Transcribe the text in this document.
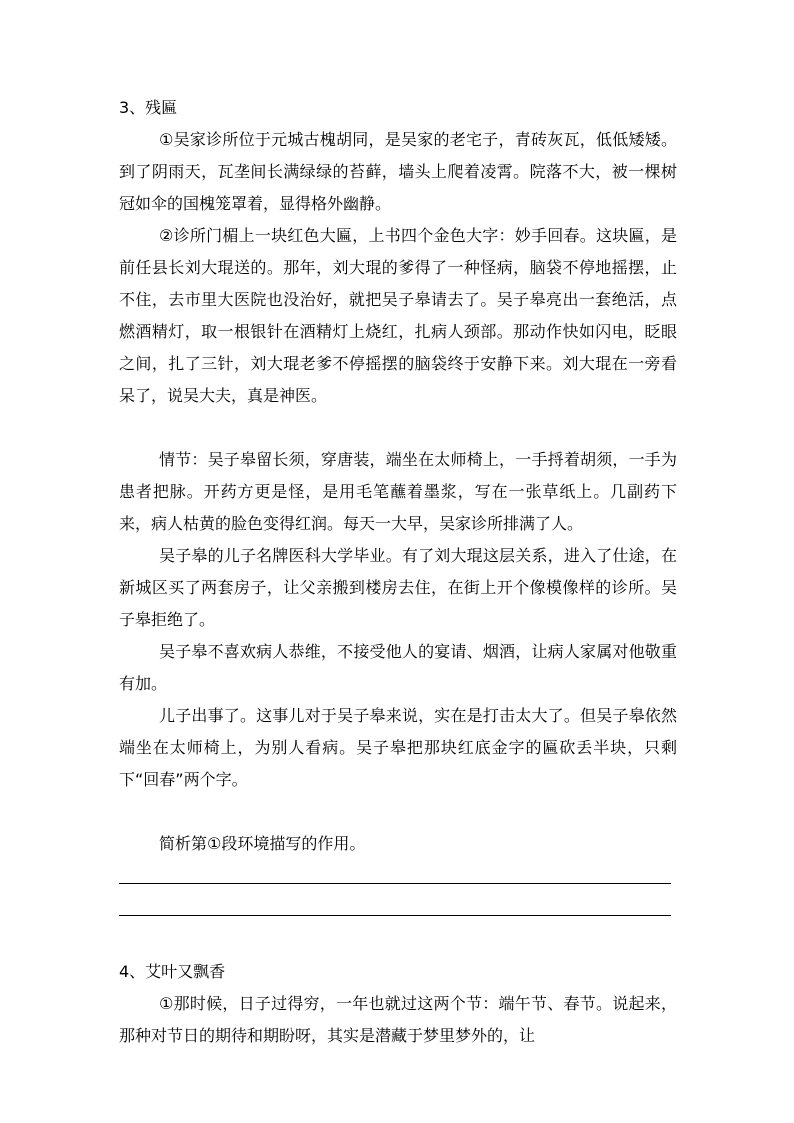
3、残匾

①吴家诊所位于元城古槐胡同，是吴家的老宅子，青砖灰瓦，低低矮矮。到了阴雨天，瓦垄间长满绿绿的苔藓，墙头上爬着凌霄。院落不大，被一棵树冠如伞的国槐笼罩着，显得格外幽静。

②诊所门楣上一块红色大匾，上书四个金色大字：妙手回春。这块匾，是前任县长刘大琨送的。那年，刘大琨的爹得了一种怪病，脑袋不停地摇摆，止不住，去市里大医院也没治好，就把吴子皋请去了。吴子皋亮出一套绝活，点燃酒精灯，取一根银针在酒精灯上烧红，扎病人颈部。那动作快如闪电，眨眼之间，扎了三针，刘大琨老爹不停摇摆的脑袋终于安静下来。刘大琨在一旁看呆了，说吴大夫，真是神医。

情节：吴子皋留长须，穿唐装，端坐在太师椅上，一手捋着胡须，一手为患者把脉。开药方更是怪，是用毛笔蘸着墨浆，写在一张草纸上。几副药下来，病人枯黄的脸色变得红润。每天一大早，吴家诊所排满了人。

吴子皋的儿子名牌医科大学毕业。有了刘大琨这层关系，进入了仕途，在新城区买了两套房子，让父亲搬到楼房去住，在街上开个像模像样的诊所。吴子皋拒绝了。

吴子皋不喜欢病人恭维，不接受他人的宴请、烟酒，让病人家属对他敬重有加。

儿子出事了。这事儿对于吴子皋来说，实在是打击太大了。但吴子皋依然端坐在太师椅上，为别人看病。吴子皋把那块红底金字的匾砍丢半块，只剩下“回春”两个字。

简析第①段环境描写的作用。

4、艾叶又飘香

①那时候，日子过得穷，一年也就过这两个节：端午节、春节。说起来，那种对节日的期待和期盼呀，其实是潜藏于梦里梦外的，让
